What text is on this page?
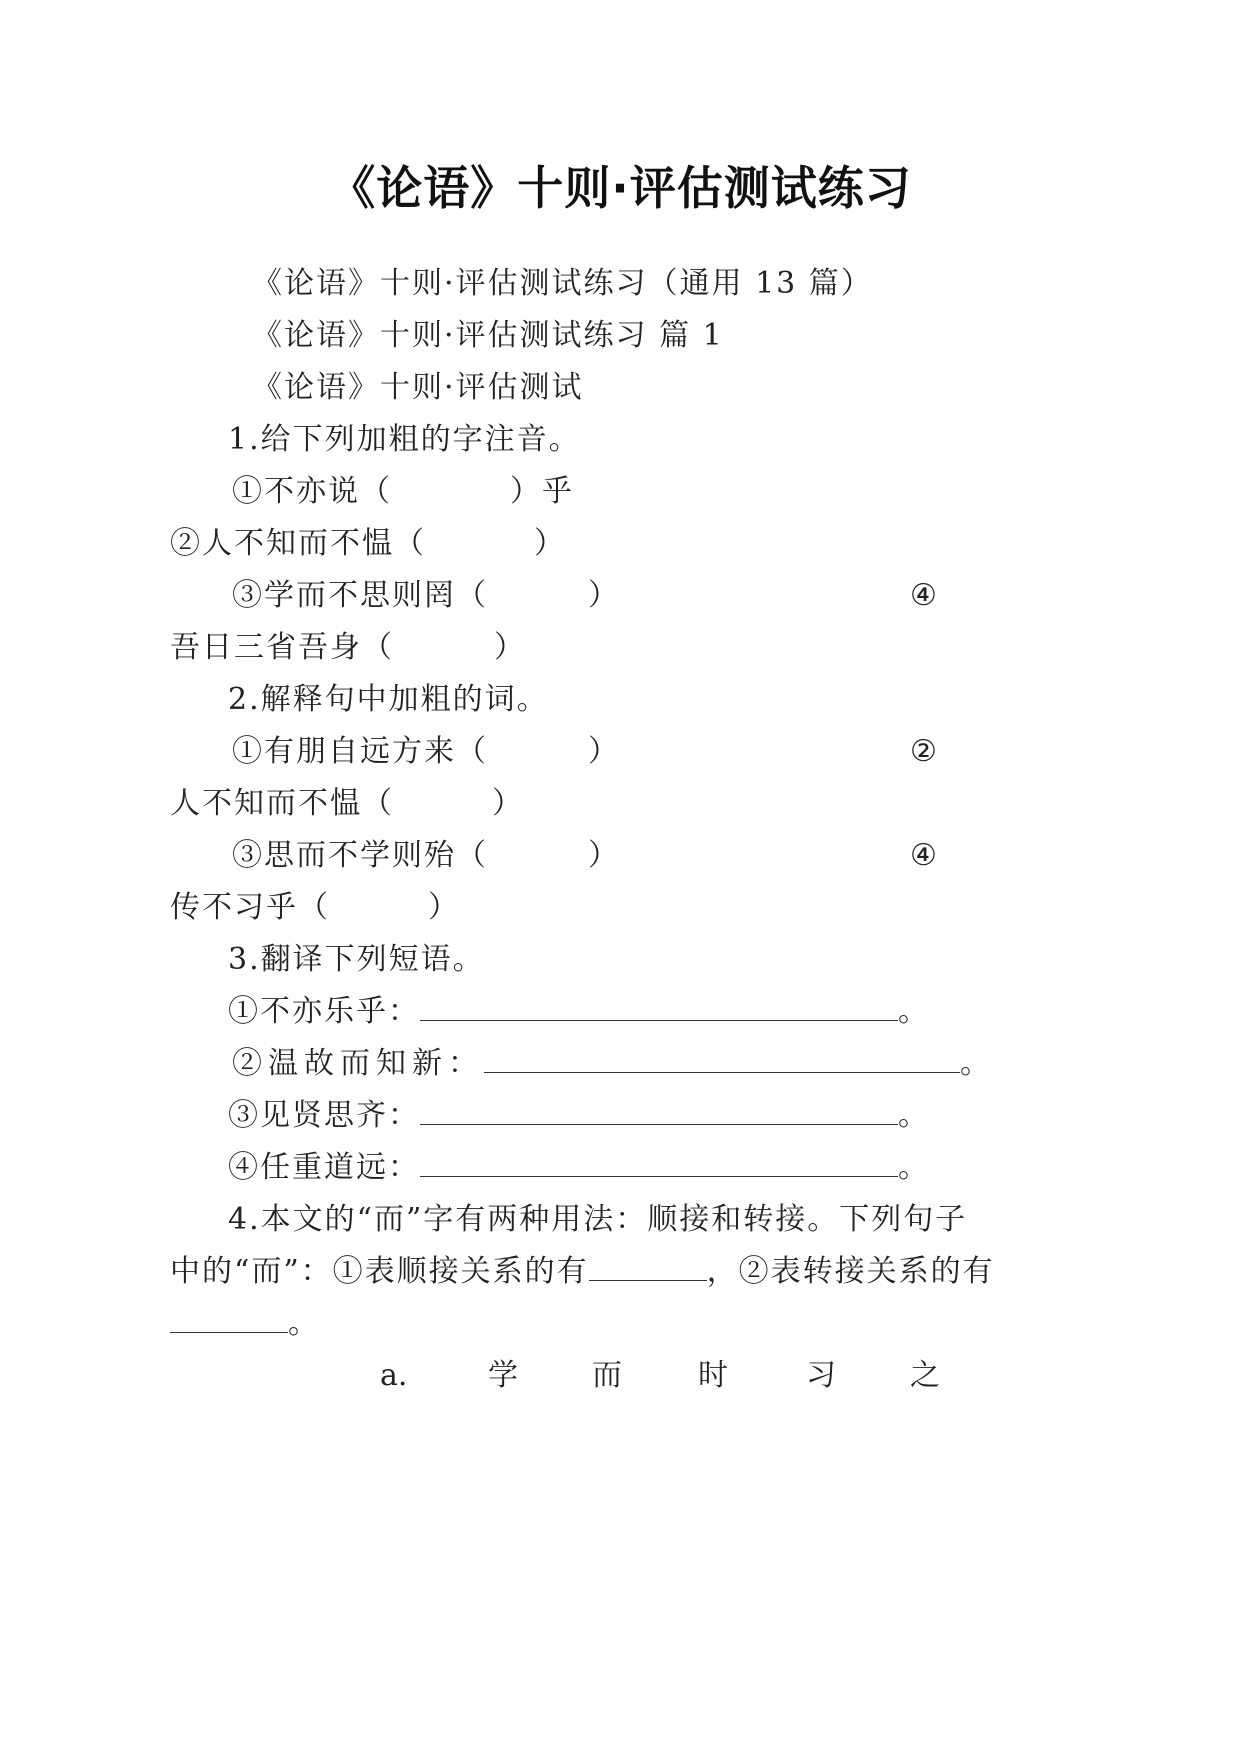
《论语》十则·评估测试练习
《论语》十则·评估测试练习（通用 13 篇）
《论语》十则·评估测试练习 篇 1
《论语》十则·评估测试
1.给下列加粗的字注音。
①不亦说（	）乎
②人不知而不愠（	）
③学而不思则罔（	）	④
吾日三省吾身（	）
2.解释句中加粗的词。
①有朋自远方来（	）	②
人不知而不愠（	）
③思而不学则殆（	）	④
传不习乎（	）
3.翻译下列短语。
①不亦乐乎：	。
②温故而知新：	。
③见贤思齐：	。
④任重道远：	。
4.本文的“而”字有两种用法：顺接和转接。下列句子
中的“而”：①表顺接关系的有	，②表转接关系的有
。
a.	学 而	时	习 之
